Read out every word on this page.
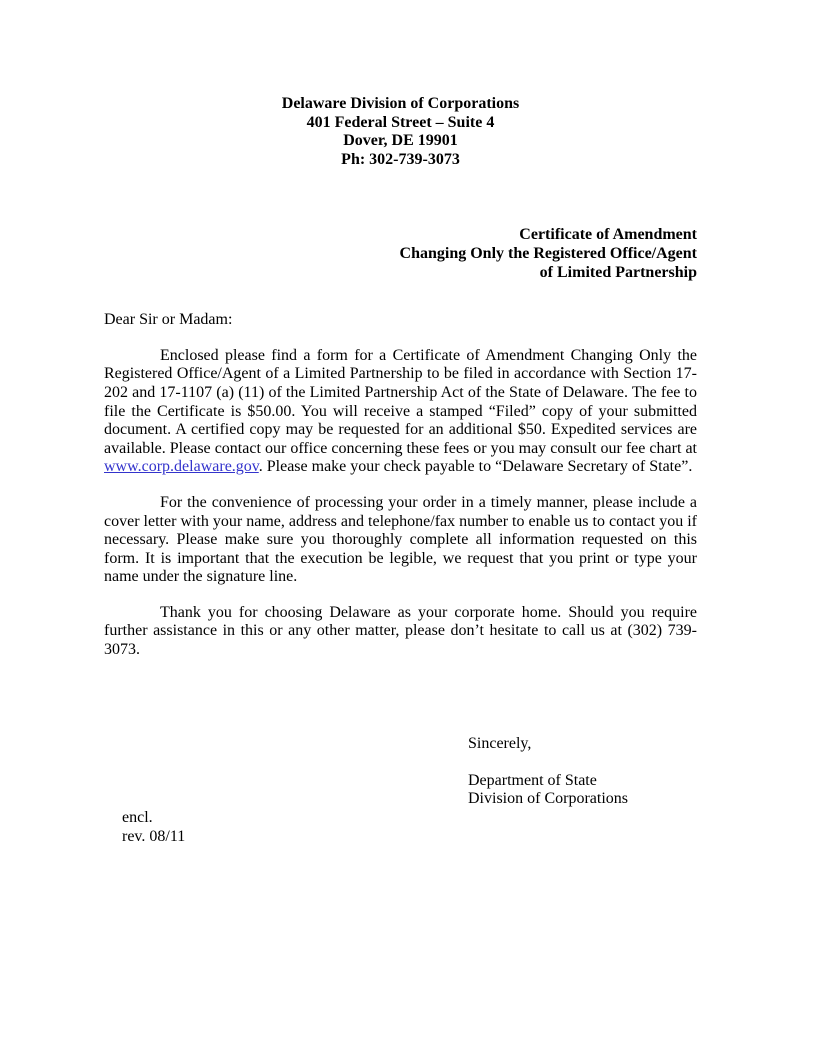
Delaware Division of Corporations
401 Federal Street – Suite 4
Dover, DE 19901
Ph: 302-739-3073
Certificate of Amendment
Changing Only the Registered Office/Agent
of Limited Partnership

Dear Sir or Madam:

Enclosed please find a form for a Certificate of Amendment Changing Only the Registered Office/Agent of a Limited Partnership to be filed in accordance with Section 17-202 and 17-1107 (a) (11) of the Limited Partnership Act of the State of Delaware. The fee to file the Certificate is $50.00. You will receive a stamped “Filed” copy of your submitted document. A certified copy may be requested for an additional $50. Expedited services are available. Please contact our office concerning these fees or you may consult our fee chart at www.corp.delaware.gov. Please make your check payable to “Delaware Secretary of State”.

For the convenience of processing your order in a timely manner, please include a cover letter with your name, address and telephone/fax number to enable us to contact you if necessary. Please make sure you thoroughly complete all information requested on this form. It is important that the execution be legible, we request that you print or type your name under the signature line.

Thank you for choosing Delaware as your corporate home. Should you require further assistance in this or any other matter, please don’t hesitate to call us at (302) 739-3073.

Sincerely,
Department of State
Division of Corporations
encl.
rev. 08/11
